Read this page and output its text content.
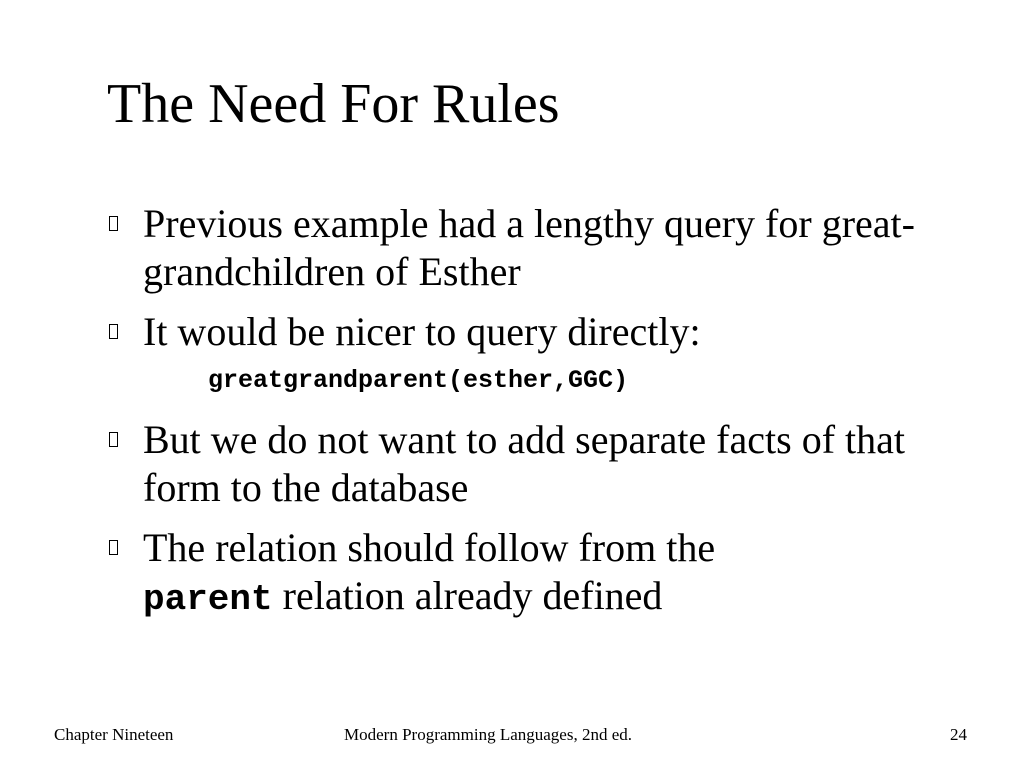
The Need For Rules
Previous example had a lengthy query for great-grandchildren of Esther
It would be nicer to query directly:
greatgrandparent(esther,GGC)
But we do not want to add separate facts of that form to the database
The relation should follow from the
parent relation already defined
Chapter Nineteen	Modern Programming Languages, 2nd ed.	24
